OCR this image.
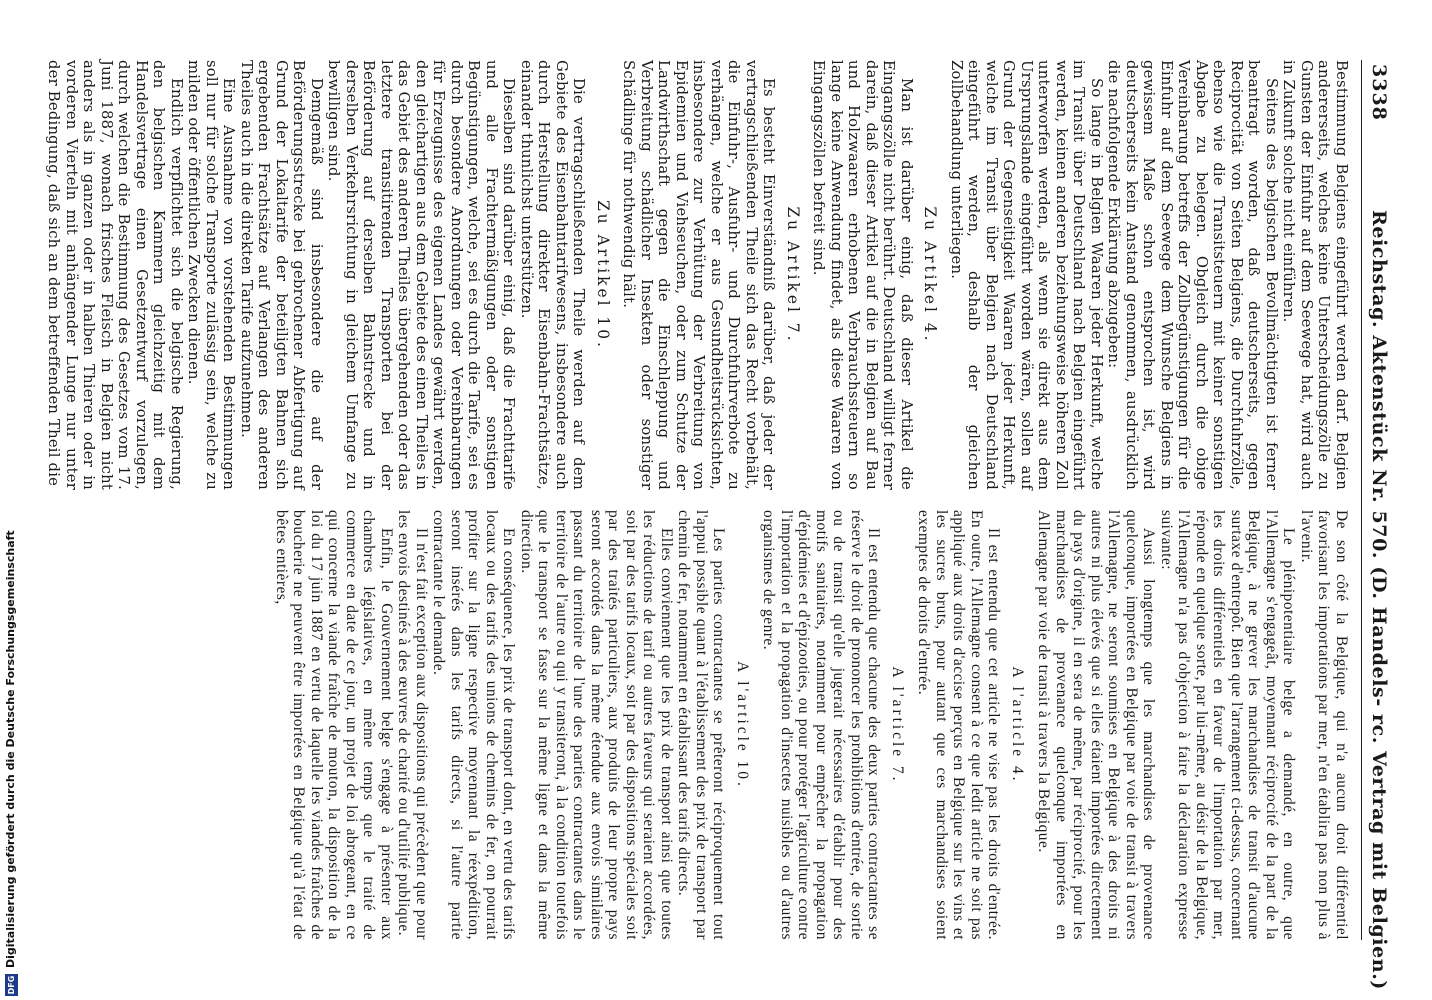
DFGDigitalisierung gefördert durch die Deutsche Forschungsgemeinschaft
3338
Reichstag. Aktenstück Nr. 570. (D. Handels- rc. Vertrag mit Belgien.)

Bestimmung Belgiens eingeführt werden darf. Belgien andererseits, welches keine Unterscheidungszölle zu Gunsten der Einfuhr auf dem Seewege hat, wird auch in Zukunft solche nicht einführen.

Seitens des belgischen Bevollmächtigten ist ferner beantragt worden, daß deutscherseits, gegen Reciprocität von Seiten Belgiens, die Durchfuhrzölle, ebenso wie die Transitsteuern mit keiner sonstigen Abgabe zu belegen. Obgleich durch die obige Vereinbarung betreffs der Zollbegünstigungen für die Einfuhr auf dem Seewege dem Wunsche Belgiens in gewissem Maße schon entsprochen ist, wird deutscherseits kein Anstand genommen, ausdrücklich die nachfolgende Erklärung abzugeben:

So lange in Belgien Waaren jeder Herkunft, welche im Transit über Deutschland nach Belgien eingeführt werden, keinen anderen beziehungsweise höheren Zoll unterworfen werden, als wenn sie direkt aus dem Ursprungslande eingeführt worden wären, sollen auf Grund der Gegenseitigkeit Waaren jeder Herkunft, welche im Transit über Belgien nach Deutschland eingeführt werden, deshalb der gleichen Zollbehandlung unterliegen.

Zu Artikel 4.

Man ist darüber einig, daß dieser Artikel die Eingangszölle nicht berührt. Deutschland willigt ferner darein, daß dieser Artikel auf die in Belgien auf Bau und Holzwaaren erhobenen Verbrauchssteuern so lange keine Anwendung findet, als diese Waaren von Eingangszöllen befreit sind.

Zu Artikel 7.

Es besteht Einverständniß darüber, daß jeder der vertragschließenden Theile sich das Recht vorbehält, die Einfuhr-, Ausfuhr- und Durchfuhrverbote zu verhängen, welche er aus Gesundheitsrücksichten, insbesondere zur Verhütung der Verbreitung von Epidemien und Viehseuchen, oder zum Schutze der Landwirthschaft gegen die Einschleppung und Verbreitung schädlicher Insekten oder sonstiger Schädlinge für nothwendig hält.

Zu Artikel 10.

Die vertragschließenden Theile werden auf dem Gebiete des Eisenbahntarifwesens, insbesondere auch durch Herstellung direkter Eisenbahn-Frachtsätze, einander thunlichst unterstützen.

Dieselben sind darüber einig, daß die Frachttarife und alle Frachtermäßigungen oder sonstigen Begünstigungen, welche, sei es durch die Tarife, sei es durch besondere Anordnungen oder Vereinbarungen für Erzeugnisse des eigenen Landes gewährt werden, den gleichartigen aus dem Gebiete des einen Theiles in das Gebiet des anderen Theiles übergehenden oder das letztere transitirenden Transporten bei der Beförderung auf derselben Bahnstrecke und in derselben Verkehrsrichtung in gleichem Umfange zu bewilligen sind.

Demgemäß sind insbesondere die auf der Beförderungsstrecke bei gebrochener Abfertigung auf Grund der Lokaltarife der beteiligten Bahnen sich ergebenden Frachtsätze auf Verlangen des anderen Theiles auch in die direkten Tarife aufzunehmen.

Eine Ausnahme von vorstehenden Bestimmungen soll nur für solche Transporte zulässig sein, welche zu milden oder öffentlichen Zwecken dienen.

Endlich verpflichtet sich die belgische Regierung, den belgischen Kammern gleichzeitig mit dem Handelsvertrage einen Gesetzentwurf vorzulegen, durch welchen die Bestimmung des Gesetzes vom 17. Juni 1887, wonach frisches Fleisch in Belgien nicht anders als in ganzen oder in halben Thieren oder in vorderen Vierteln mit anhängender Lunge nur unter der Bedingung, daß sich an dem betreffenden Theil die

De son côté la Belgique, qui n'a aucun droit différentiel favorisant les importations par mer, n'en établira pas non plus à l'avenir.

Le plénipotentiaire belge a demandé, en outre, que l'Allemagne s'engageât, moyennant réciprocité de la part de la Belgique, à ne grever les marchandises de transit d'aucune surtaxe d'entrepôt. Bien que l'arrangement ci-dessus, concernant les droits différentiels en faveur de l'importation par mer, réponde en quelque sorte, par lui-même, au désir de la Belgique, l'Allemagne n'a pas d'objection à faire la déclaration expresse suivante:

Aussi longtemps que les marchandises de provenance quelconque, importées en Belgique par voie de transit à travers l'Allemagne, ne seront soumises en Belgique à des droits ni autres ni plus élevés que si elles étaient importées directement du pays d'origine, il en sera de même, par réciprocité, pour les marchandises de provenance quelconque importées en Allemagne par voie de transit à travers la Belgique.

A l'article 4.

Il est entendu que cet article ne vise pas les droits d'entrée. En outre, l'Allemagne consent à ce que ledit article ne soit pas appliqué aux droits d'accise perçus en Belgique sur les vins et les sucres bruts, pour autant que ces marchandises soient exemptes de droits d'entrée.

A l'article 7.

Il est entendu que chacune des deux parties contractantes se réserve le droit de prononcer les prohibitions d'entrée, de sortie ou de transit qu'elle jugerait nécessaires d'établir pour des motifs sanitaires, notamment pour empêcher la propagation d'épidémies et d'épizooties, ou pour protéger l'agriculture contre l'importation et la propagation d'insectes nuisibles ou d'autres organismes de genre.

A l'article 10.

Les parties contractantes se prêteront réciproquement tout l'appui possible quant à l'établissement des prix de transport par chemin de fer, notamment en établissant des tarifs directs.

Elles conviennent que les prix de transport ainsi que toutes les réductions de tarif ou autres faveurs qui seraient accordées, soit par des tarifs locaux, soit par des dispositions spéciales soit par des traités particuliers, aux produits de leur propre pays seront accordés dans la même étendue aux envois similaires passant du territoire de l'une des parties contractantes dans le territoire de l'autre ou qui y transiteront, à la condition toutefois que le transport se fasse sur la même ligne et dans la même direction.

En conséquence, les prix de transport dont, en vertu des tarifs locaux ou des tarifs des unions de chemins de fer, on pourrait profiter sur la ligne respective moyennant la réexpédition, seront insérés dans les tarifs directs, si l'autre partie contractante le demande.

Il n'est fait exception aux dispositions qui précèdent que pour les envois destinés à des œuvres de charité ou d'utilité publique.

Enfin, le Gouvernement belge s'engage à présenter aux chambres législatives, en même temps que le traité de commerce en date de ce jour, un projet de loi abrogeant, en ce qui concerne la viande fraîche de mouton, la disposition de la loi du 17 juin 1887 en vertu de laquelle les viandes fraîches de boucherie ne peuvent être importées en Belgique qu'à l'état de bêtes entières,
